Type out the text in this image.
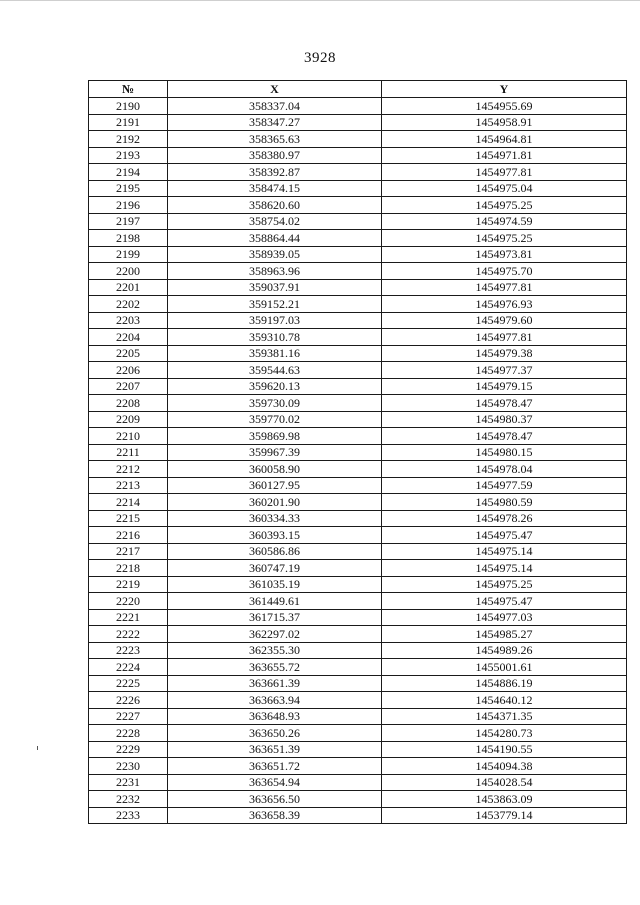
3928
№	X	Y
2190	358337.04	1454955.69
2191	358347.27	1454958.91
2192	358365.63	1454964.81
2193	358380.97	1454971.81
2194	358392.87	1454977.81
2195	358474.15	1454975.04
2196	358620.60	1454975.25
2197	358754.02	1454974.59
2198	358864.44	1454975.25
2199	358939.05	1454973.81
2200	358963.96	1454975.70
2201	359037.91	1454977.81
2202	359152.21	1454976.93
2203	359197.03	1454979.60
2204	359310.78	1454977.81
2205	359381.16	1454979.38
2206	359544.63	1454977.37
2207	359620.13	1454979.15
2208	359730.09	1454978.47
2209	359770.02	1454980.37
2210	359869.98	1454978.47
2211	359967.39	1454980.15
2212	360058.90	1454978.04
2213	360127.95	1454977.59
2214	360201.90	1454980.59
2215	360334.33	1454978.26
2216	360393.15	1454975.47
2217	360586.86	1454975.14
2218	360747.19	1454975.14
2219	361035.19	1454975.25
2220	361449.61	1454975.47
2221	361715.37	1454977.03
2222	362297.02	1454985.27
2223	362355.30	1454989.26
2224	363655.72	1455001.61
2225	363661.39	1454886.19
2226	363663.94	1454640.12
2227	363648.93	1454371.35
2228	363650.26	1454280.73
2229	363651.39	1454190.55
2230	363651.72	1454094.38
2231	363654.94	1454028.54
2232	363656.50	1453863.09
2233	363658.39	1453779.14
